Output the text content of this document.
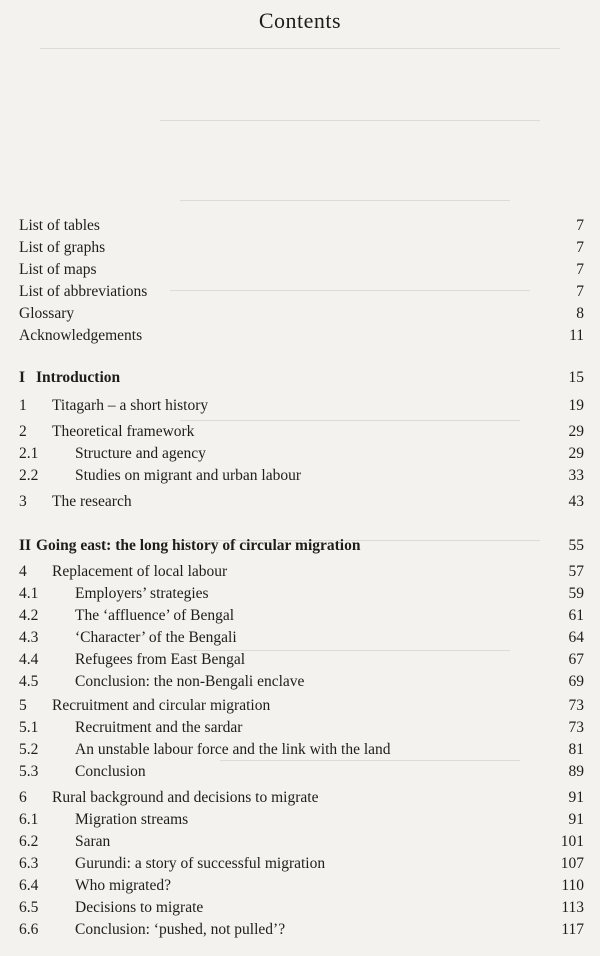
Contents
List of tables	7
List of graphs	7
List of maps	7
List of abbreviations	7
Glossary	8
Acknowledgements	11
I Introduction	15
1 Titagarh – a short history	19
2 Theoretical framework	29
2.1 Structure and agency	29
2.2 Studies on migrant and urban labour	33
3 The research	43
II Going east: the long history of circular migration	55
4 Replacement of local labour	57
4.1 Employers’ strategies	59
4.2 The ‘affluence’ of Bengal	61
4.3 ‘Character’ of the Bengali	64
4.4 Refugees from East Bengal	67
4.5 Conclusion: the non-Bengali enclave	69
5 Recruitment and circular migration	73
5.1 Recruitment and the sardar	73
5.2 An unstable labour force and the link with the land	81
5.3 Conclusion	89
6 Rural background and decisions to migrate	91
6.1 Migration streams	91
6.2 Saran	101
6.3 Gurundi: a story of successful migration	107
6.4 Who migrated?	110
6.5 Decisions to migrate	113
6.6 Conclusion: ‘pushed, not pulled’?	117
